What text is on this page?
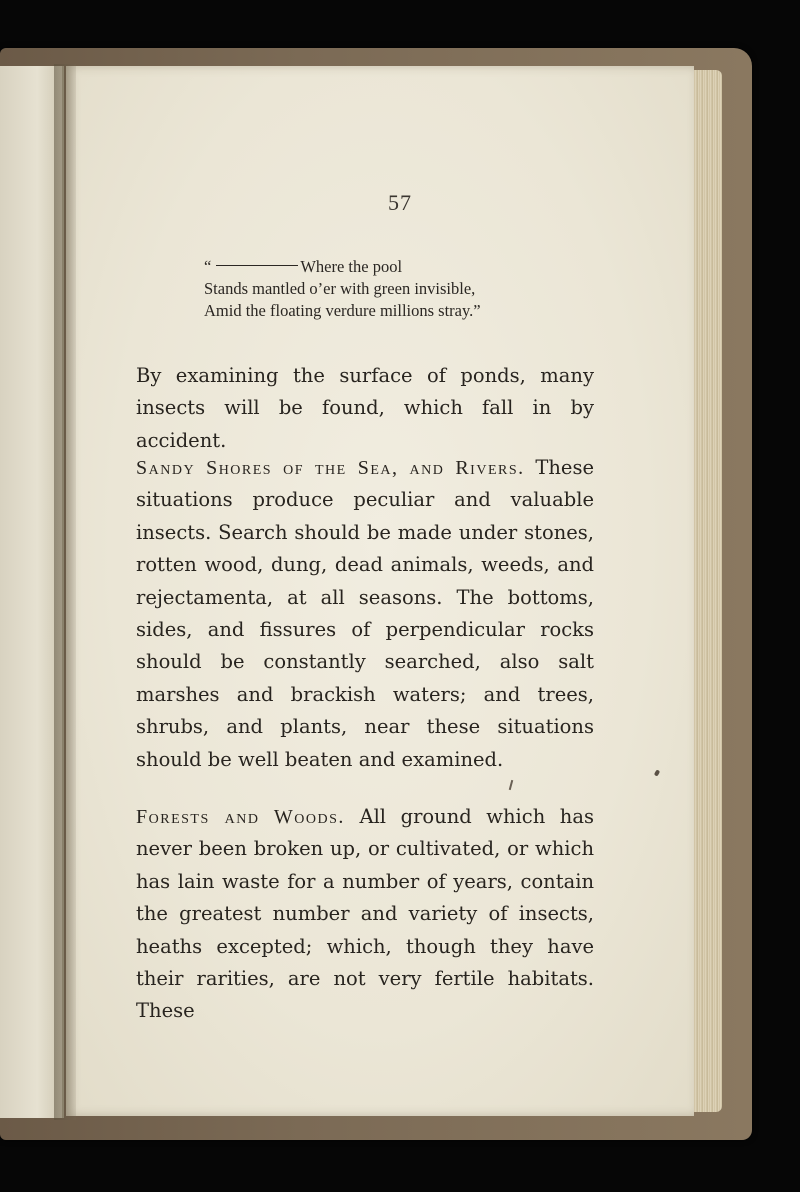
57
“	Where the pool
Stands mantled o’er with green invisible,
Amid the floating verdure millions stray.”
By examining the surface of ponds, many insects will be found, which fall in by accident.
Sandy Shores of the Sea, and Rivers. These situations produce peculiar and valuable insects. Search should be made under stones, rotten wood, dung, dead animals, weeds, and rejectamenta, at all seasons. The bottoms, sides, and fissures of perpendicular rocks should be constantly searched, also salt marshes and brackish waters; and trees, shrubs, and plants, near these situations should be well beaten and examined.
Forests and Woods. All ground which has never been broken up, or cultivated, or which has lain waste for a number of years, contain the greatest number and variety of insects, heaths excepted; which, though they have their rarities, are not very fertile habitats. These
